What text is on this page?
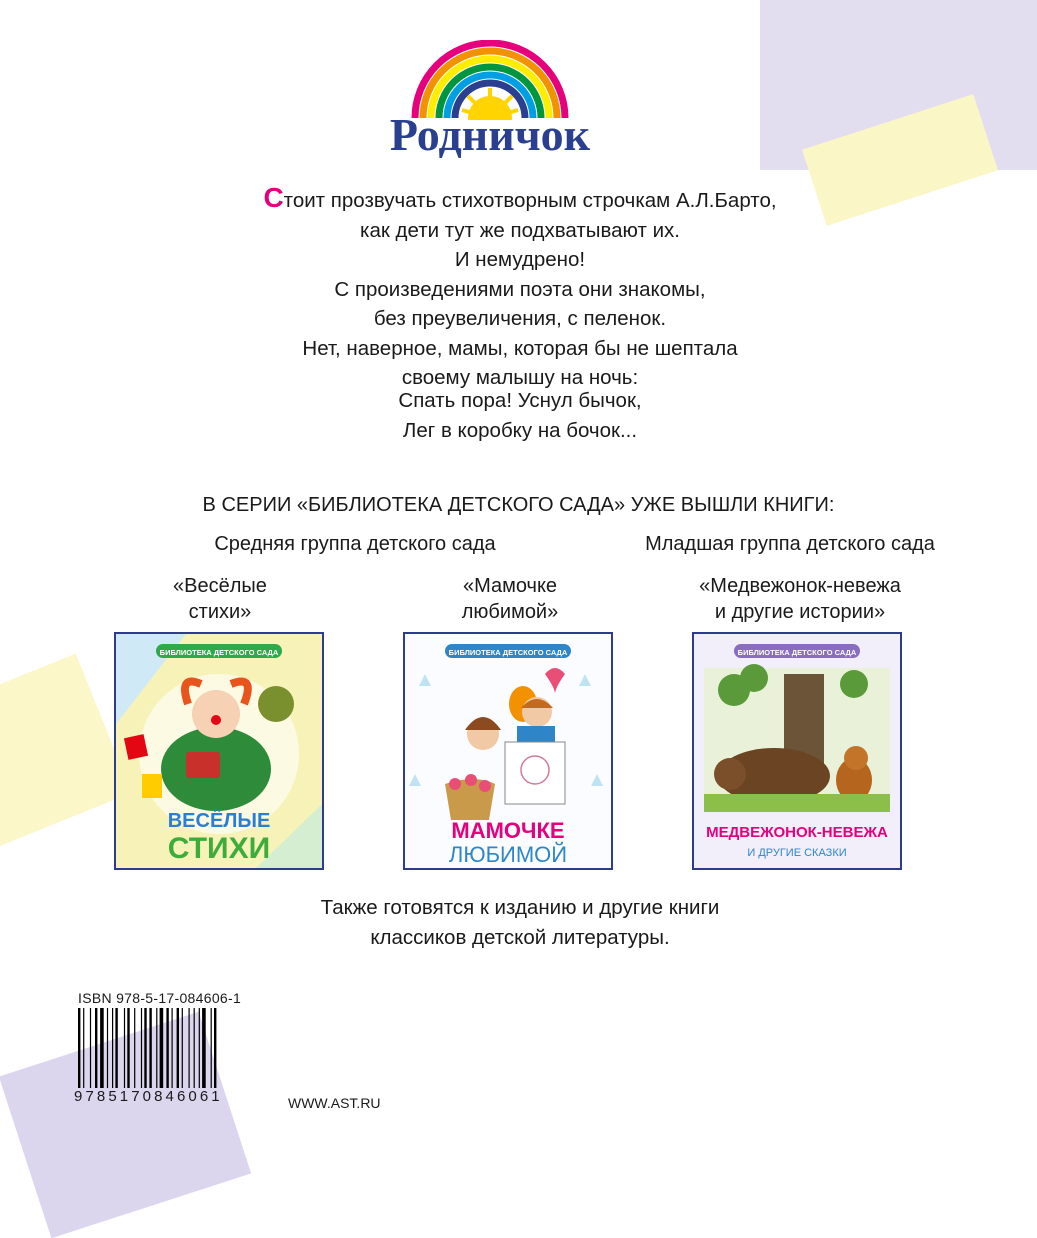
Родничок

Стоит прозвучать стихотворным строчкам А.Л.Барто,

как дети тут же подхватывают их.

И немудрено!

С произведениями поэта они знакомы,

без преувеличения, с пеленок.

Нет, наверное, мамы, которая бы не шептала

своему малышу на ночь:

Спать пора! Уснул бычок,

Лег в коробку на бочок...

В СЕРИИ «БИБЛИОТЕКА ДЕТСКОГО САДА» УЖЕ ВЫШЛИ КНИГИ:
Средняя группа детского сада	Младшая группа детского сада

«Весёлые

стихи»

«Мамочке

любимой»

«Медвежонок-невежа

и другие истории»

БИБЛИОТЕКА ДЕТСКОГО САДА
ВЕСЁЛЫЕ
СТИХИ
БИБЛИОТЕКА ДЕТСКОГО САДА
МАМОЧКЕ
ЛЮБИМОЙ
БИБЛИОТЕКА ДЕТСКОГО САДА
МЕДВЕЖОНОК-НЕВЕЖА
И ДРУГИЕ СКАЗКИ

Также готовятся к изданию и другие книги

классиков детской литературы.

ISBN 978-5-17-084606-1
9785170846061	WWW.AST.RU
